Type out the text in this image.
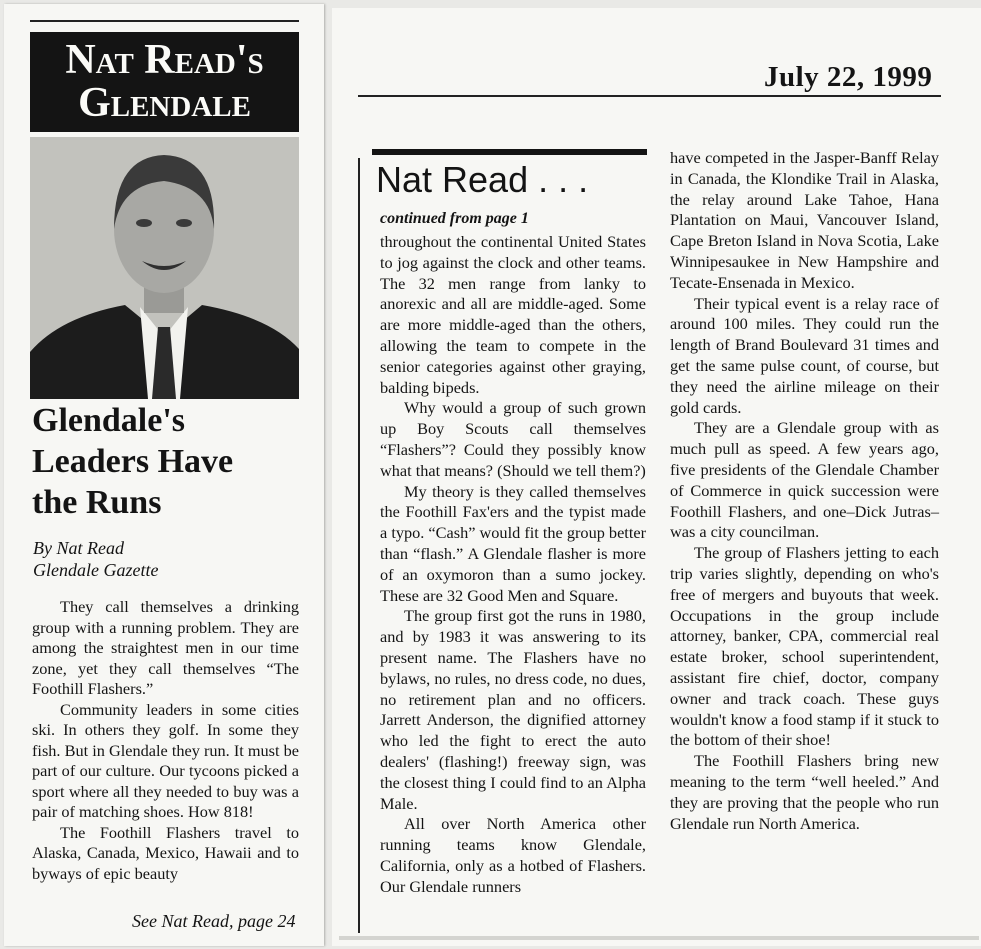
Nat Read's
Glendale
Glendale's
Leaders Have
the Runs
By Nat Read
Glendale Gazette

They call themselves a drinking group with a running problem. They are among the straightest men in our time zone, yet they call themselves “The Foothill Flashers.”

Community leaders in some cities ski. In others they golf. In some they fish. But in Glendale they run. It must be part of our culture. Our tycoons picked a sport where all they needed to buy was a pair of matching shoes. How 818!

The Foothill Flashers travel to Alaska, Canada, Mexico, Hawaii and to byways of epic beauty

See Nat Read, page 24
July 22, 1999
Nat Read . . .
continued from page 1

throughout the continental United States to jog against the clock and other teams. The 32 men range from lanky to anorexic and all are middle-aged. Some are more middle-aged than the others, allowing the team to compete in the senior categories against other graying, balding bipeds.

Why would a group of such grown up Boy Scouts call themselves “Flashers”? Could they possibly know what that means? (Should we tell them?)

My theory is they called themselves the Foothill Fax'ers and the typist made a typo. “Cash” would fit the group better than “flash.” A Glendale flasher is more of an oxymoron than a sumo jockey. These are 32 Good Men and Square.

The group first got the runs in 1980, and by 1983 it was answering to its present name. The Flashers have no bylaws, no rules, no dress code, no dues, no retirement plan and no officers. Jarrett Anderson, the dignified attorney who led the fight to erect the auto dealers' (flashing!) freeway sign, was the closest thing I could find to an Alpha Male.

All over North America other running teams know Glendale, California, only as a hotbed of Flashers. Our Glendale runners

have competed in the Jasper-Banff Relay in Canada, the Klondike Trail in Alaska, the relay around Lake Tahoe, Hana Plantation on Maui, Vancouver Island, Cape Breton Island in Nova Scotia, Lake Winnipesaukee in New Hampshire and Tecate-Ensenada in Mexico.

Their typical event is a relay race of around 100 miles. They could run the length of Brand Boulevard 31 times and get the same pulse count, of course, but they need the airline mileage on their gold cards.

They are a Glendale group with as much pull as speed. A few years ago, five presidents of the Glendale Chamber of Commerce in quick succession were Foothill Flashers, and one–Dick Jutras–was a city councilman.

The group of Flashers jetting to each trip varies slightly, depending on who's free of mergers and buyouts that week. Occupations in the group include attorney, banker, CPA, commercial real estate broker, school superintendent, assistant fire chief, doctor, company owner and track coach. These guys wouldn't know a food stamp if it stuck to the bottom of their shoe!

The Foothill Flashers bring new meaning to the term “well heeled.” And they are proving that the people who run Glendale run North America.
